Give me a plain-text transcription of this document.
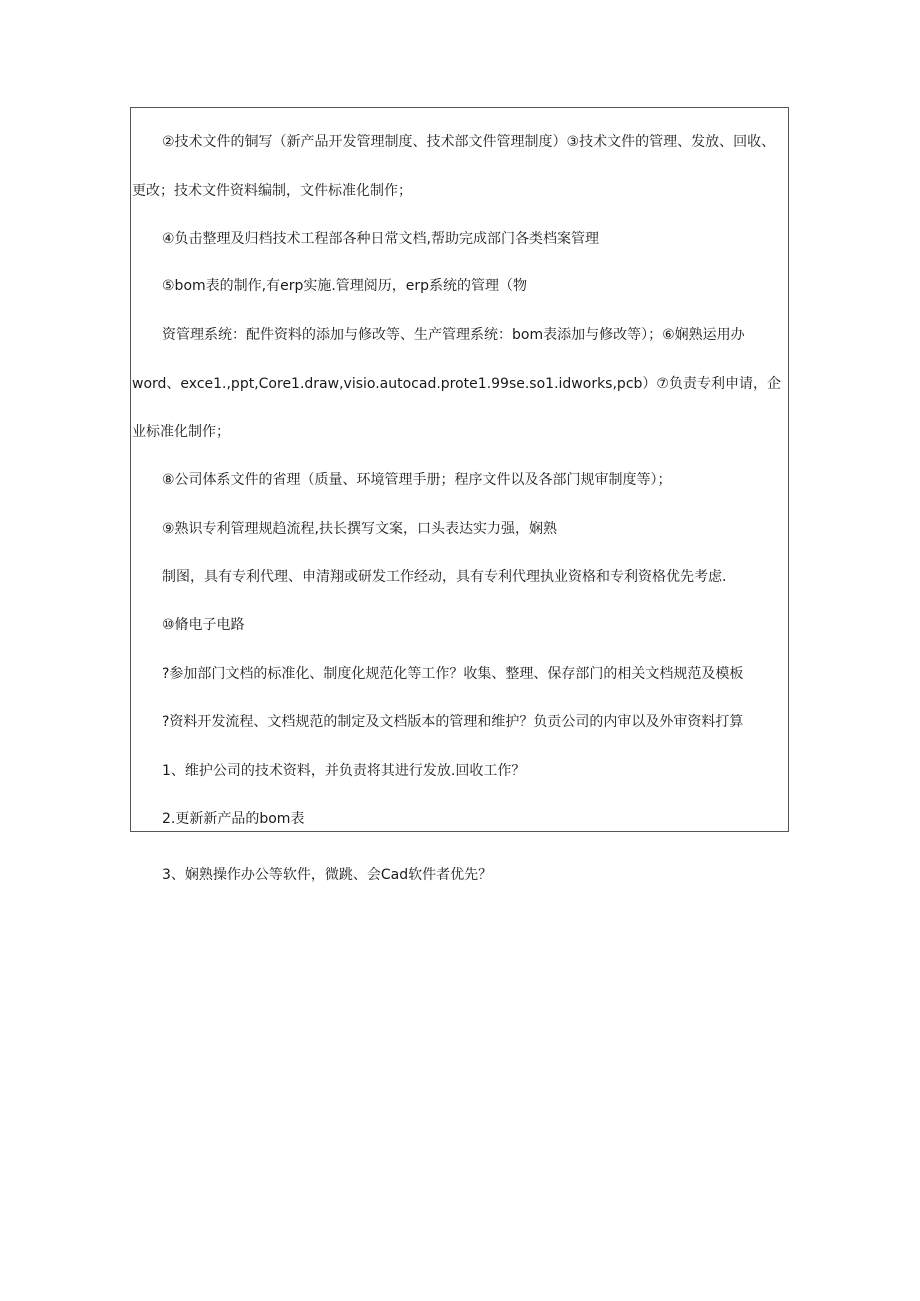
②技术文件的铜写（新产品开发管理制度、技术部文件管理制度）③技术文件的管理、发放、回收、
更改；技术文件资料编制，文件标准化制作；
④负击整理及归档技术工程部各种日常文档,帮助完成部门各类档案管理
⑤bom表的制作,有erp实施.管理阅历，erp系统的管理（物
资管理系统：配件资料的添加与修改等、生产管理系统：bom表添加与修改等）；⑥娴熟运用办
word、exce1.,ppt,Core1.draw,visio.autocad.prote1.99se.so1.idworks,pcb）⑦负责专利申请，企
业标准化制作；
⑧公司体系文件的省理（质量、环境管理手册；程序文件以及各部门规审制度等）；
⑨熟识专利管理规趋流程,扶长撰写文案，口头表达实力强，娴熟
制图，具有专利代理、申清翔或研发工作经动，具有专利代理执业资格和专利资格优先考虑.
⑩脩电子电路
?参加部门文档的标准化、制度化规范化等工作？收集、整理、保存部门的相关文档规范及模板
?资料开发流程、文档规范的制定及文档版本的管理和维护？负贡公司的内审以及外审资料打算
1、维护公司的技术资料，并负责将其进行发放.回收工作？
2.更新新产品的bom表
3、娴熟操作办公等软件，微跳、会Cad软件者优先？
